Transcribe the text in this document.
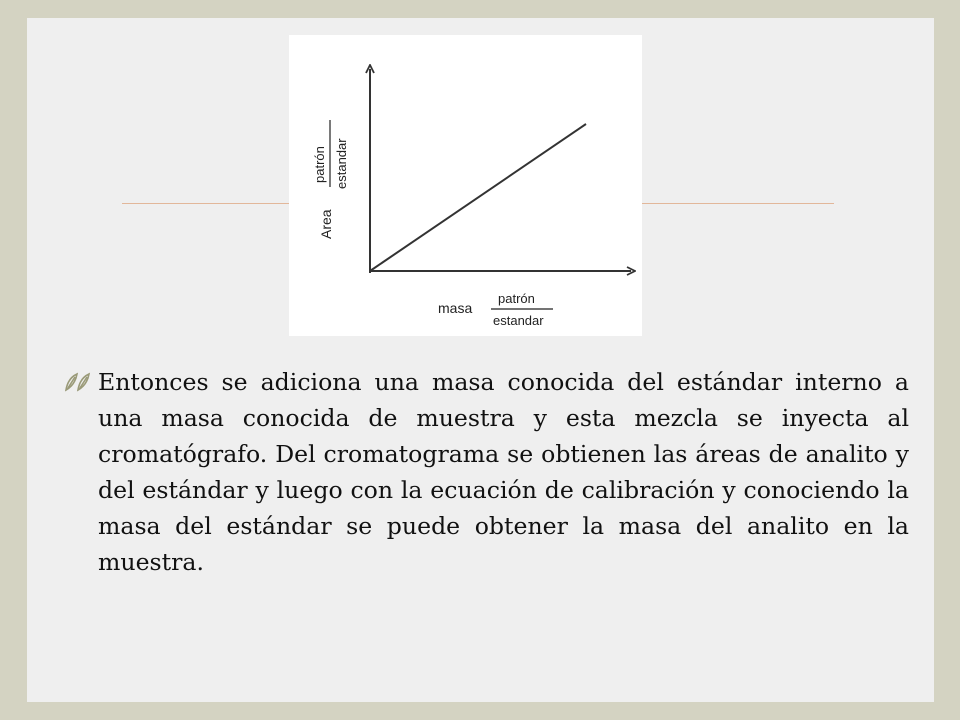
Area
patrón estandar
masa
patrón
estandar

Entonces se adiciona una masa conocida del estándar interno a una masa conocida de muestra y esta mezcla se inyecta al cromatógrafo. Del cromatograma se obtienen las áreas de analito y del estándar y luego con la ecuación de calibración y conociendo la masa del estándar se puede obtener la masa del analito en la muestra.
